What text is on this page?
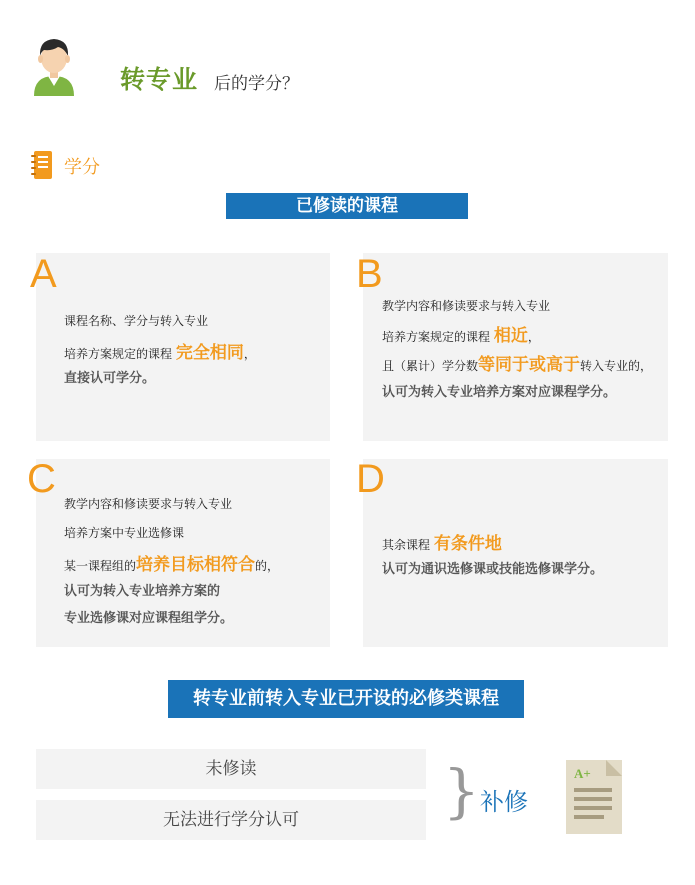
转专业 后的学分？
学分
已修读的课程
A	B
C	D
课程名称、学分与转入专业
培养方案规定的课程 完全相同，
直接认可学分。
教学内容和修读要求与转入专业
培养方案规定的课程 相近，
且（累计）学分数等同于或高于转入专业的，
认可为转入专业培养方案对应课程学分。
教学内容和修读要求与转入专业
培养方案中专业选修课
某一课程组的培养目标相符合的，
认可为转入专业培养方案的
专业选修课对应课程组学分。
其余课程 有条件地
认可为通识选修课或技能选修课学分。
转专业前转入专业已开设的必修类课程
未修读
无法进行学分认可	} 补修
A+
